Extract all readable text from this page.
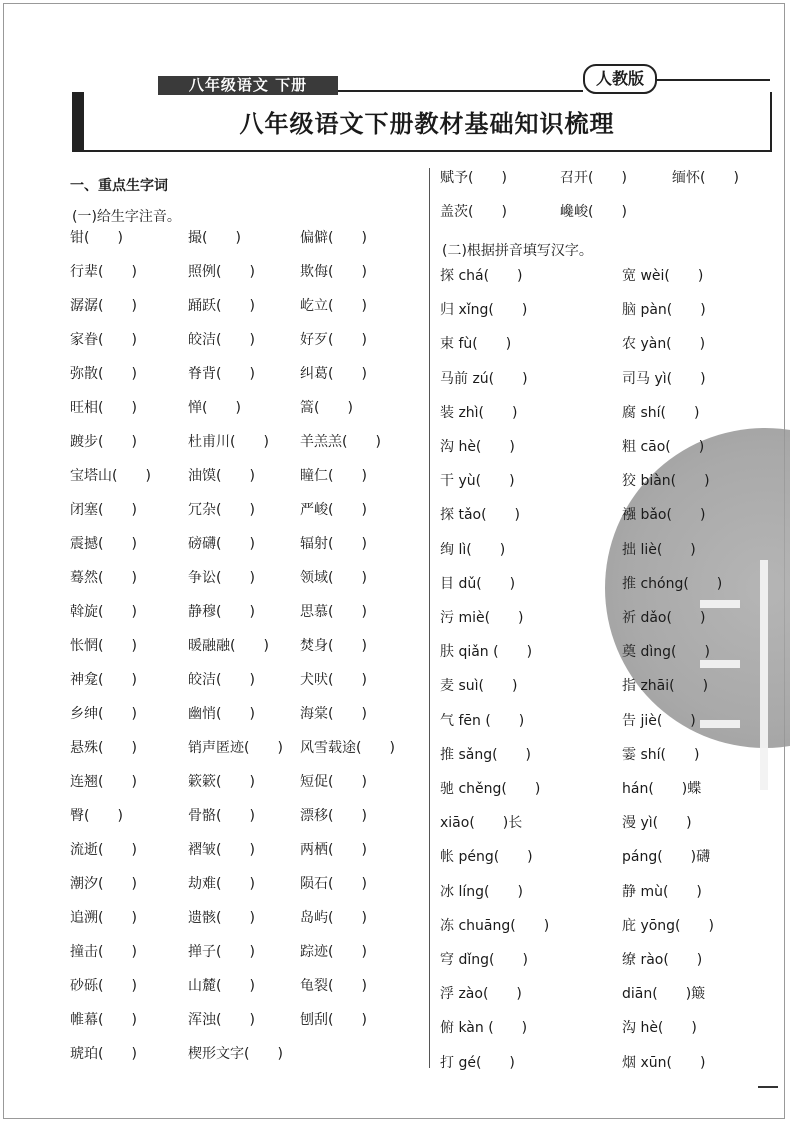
八年级语文 下册	人教版
八年级语文下册教材基础知识梳理
一、重点生字词
(一)给生字注音。
(二)根据拼音填写汉字。
钳(　　)	撮(　　)	偏僻(　　)
行辈(　　)	照例(　　)	欺侮(　　)
潺潺(　　)	踊跃(　　)	屹立(　　)
家眷(　　)	皎洁(　　)	好歹(　　)
弥散(　　)	脊背(　　)	纠葛(　　)
旺相(　　)	惮(　　)	篙(　　)
踱步(　　)	杜甫川(　　) 羊羔羔(　　)
宝塔山(　　)	油馍(　　)	瞳仁(　　)
闭塞(　　)	冗杂(　　)	严峻(　　)
震撼(　　)	磅礴(　　)	辐射(　　)
蓦然(　　)	争讼(　　)	领域(　　)
斡旋(　　)	静穆(　　)	思慕(　　)
怅惘(　　)	暖融融(　　) 焚身(　　)
神龛(　　)	皎洁(　　)	犬吠(　　)
乡绅(　　)	幽悄(　　)	海棠(　　)
悬殊(　　)	销声匿迹(　　) 风雪载途(　　)
连翘(　　)	簌簌(　　)	短促(　　)
臀(　　)	骨骼(　　)	漂移(　　)
流逝(　　)	褶皱(　　)	两栖(　　)
潮汐(　　)	劫难(　　)	陨石(　　)
追溯(　　)	遗骸(　　)	岛屿(　　)
撞击(　　)	掸子(　　)	踪迹(　　)
砂砾(　　)	山麓(　　)	龟裂(　　)
帷幕(　　)	浑浊(　　)	刨刮(　　)
琥珀(　　)	楔形文字(　　)
赋予(　　)	召开(　　)	缅怀(　　)
盖茨(　　)	巉峻(　　)
探 chá(　　)	宽 wèi(　　)
归 xǐng(　　)	脑 pàn(　　)
束 fù(　　)	农 yàn(　　)
马前 zú(　　)	司马 yì(　　)
装 zhì(　　)	腐 shí(　　)
沟 hè(　　)	粗 cāo(　　)
干 yù(　　)	狡 biàn(　　)
探 tǎo(　　)	襁 bǎo(　　)
绚 lì(　　)	拙 liè(　　)
目 dǔ(　　)	推 chóng(　　)
污 miè(　　)	祈 dǎo(　　)
肤 qiǎn (　　)	奠 dìng(　　)
麦 suì(　　)	指 zhāi(　　)
气 fēn (　　)	告 jiè(　　)
推 sǎng(　　)	霎 shí(　　)
驰 chěng(　　)	hán(　　)蝶
xiāo(　　)长	漫 yì(　　)
帐 péng(　　)	páng(　　)礴
冰 líng(　　)	静 mù(　　)
冻 chuāng(　　)	庇 yōng(　　)
穹 dǐng(　　)	缭 rào(　　)
浮 zào(　　)	diān(　　)簸
俯 kàn (　　)	沟 hè(　　)
打 gé(　　)	烟 xūn(　　)
